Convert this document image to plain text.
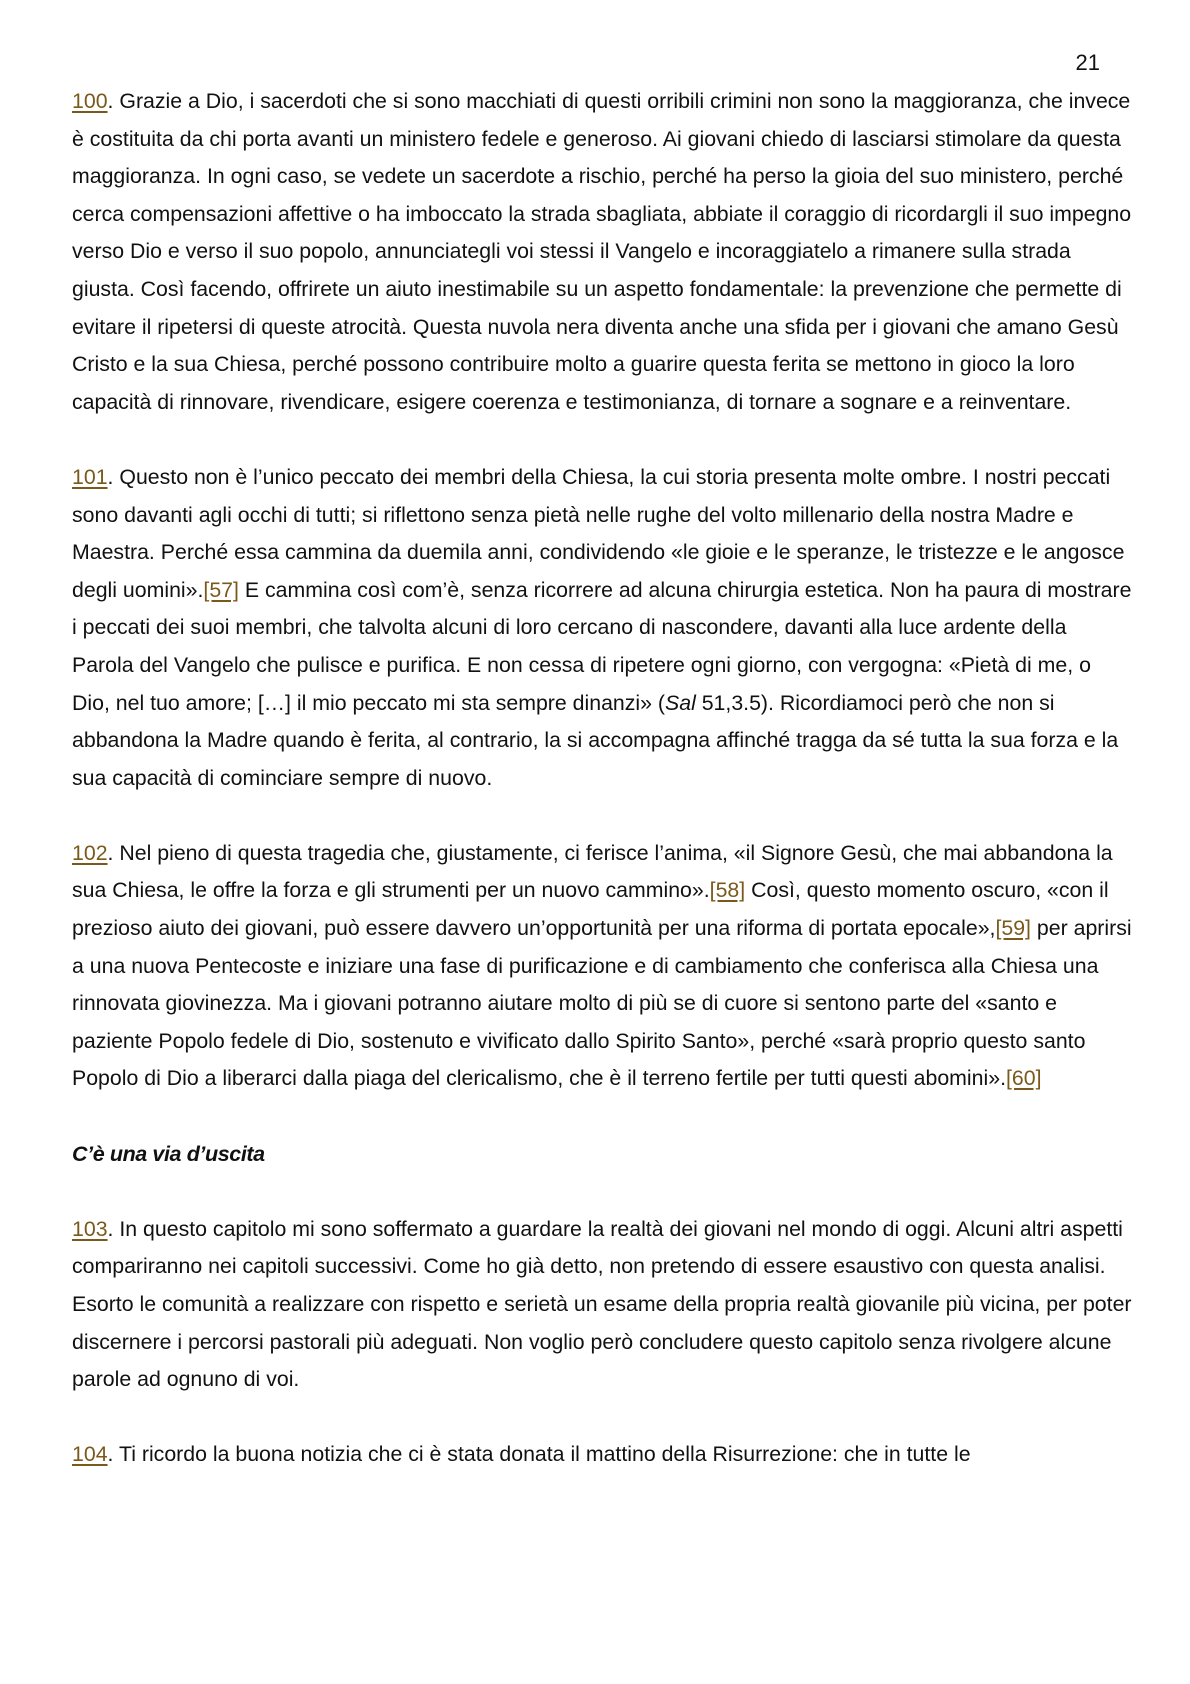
21

100. Grazie a Dio, i sacerdoti che si sono macchiati di questi orribili crimini non sono la maggioranza, che invece è costituita da chi porta avanti un ministero fedele e generoso. Ai giovani chiedo di lasciarsi stimolare da questa maggioranza. In ogni caso, se vedete un sacerdote a rischio, perché ha perso la gioia del suo ministero, perché cerca compensazioni affettive o ha imboccato la strada sbagliata, abbiate il coraggio di ricordargli il suo impegno verso Dio e verso il suo popolo, annunciategli voi stessi il Vangelo e incoraggiatelo a rimanere sulla strada giusta. Così facendo, offrirete un aiuto inestimabile su un aspetto fondamentale: la prevenzione che permette di evitare il ripetersi di queste atrocità. Questa nuvola nera diventa anche una sfida per i giovani che amano Gesù Cristo e la sua Chiesa, perché possono contribuire molto a guarire questa ferita se mettono in gioco la loro capacità di rinnovare, rivendicare, esigere coerenza e testimonianza, di tornare a sognare e a reinventare.

101. Questo non è l’unico peccato dei membri della Chiesa, la cui storia presenta molte ombre. I nostri peccati sono davanti agli occhi di tutti; si riflettono senza pietà nelle rughe del volto millenario della nostra Madre e Maestra. Perché essa cammina da duemila anni, condividendo «le gioie e le speranze, le tristezze e le angosce degli uomini».[57] E cammina così com’è, senza ricorrere ad alcuna chirurgia estetica. Non ha paura di mostrare i peccati dei suoi membri, che talvolta alcuni di loro cercano di nascondere, davanti alla luce ardente della Parola del Vangelo che pulisce e purifica. E non cessa di ripetere ogni giorno, con vergogna: «Pietà di me, o Dio, nel tuo amore; […] il mio peccato mi sta sempre dinanzi» (Sal 51,3.5). Ricordiamoci però che non si abbandona la Madre quando è ferita, al contrario, la si accompagna affinché tragga da sé tutta la sua forza e la sua capacità di cominciare sempre di nuovo.

102. Nel pieno di questa tragedia che, giustamente, ci ferisce l’anima, «il Signore Gesù, che mai abbandona la sua Chiesa, le offre la forza e gli strumenti per un nuovo cammino».[58] Così, questo momento oscuro, «con il prezioso aiuto dei giovani, può essere davvero un’opportunità per una riforma di portata epocale»,[59] per aprirsi a una nuova Pentecoste e iniziare una fase di purificazione e di cambiamento che conferisca alla Chiesa una rinnovata giovinezza. Ma i giovani potranno aiutare molto di più se di cuore si sentono parte del «santo e paziente Popolo fedele di Dio, sostenuto e vivificato dallo Spirito Santo», perché «sarà proprio questo santo Popolo di Dio a liberarci dalla piaga del clericalismo, che è il terreno fertile per tutti questi abomini».[60]

C’è una via d’uscita

103. In questo capitolo mi sono soffermato a guardare la realtà dei giovani nel mondo di oggi. Alcuni altri aspetti compariranno nei capitoli successivi. Come ho già detto, non pretendo di essere esaustivo con questa analisi. Esorto le comunità a realizzare con rispetto e serietà un esame della propria realtà giovanile più vicina, per poter discernere i percorsi pastorali più adeguati. Non voglio però concludere questo capitolo senza rivolgere alcune parole ad ognuno di voi.

104. Ti ricordo la buona notizia che ci è stata donata il mattino della Risurrezione: che in tutte le
